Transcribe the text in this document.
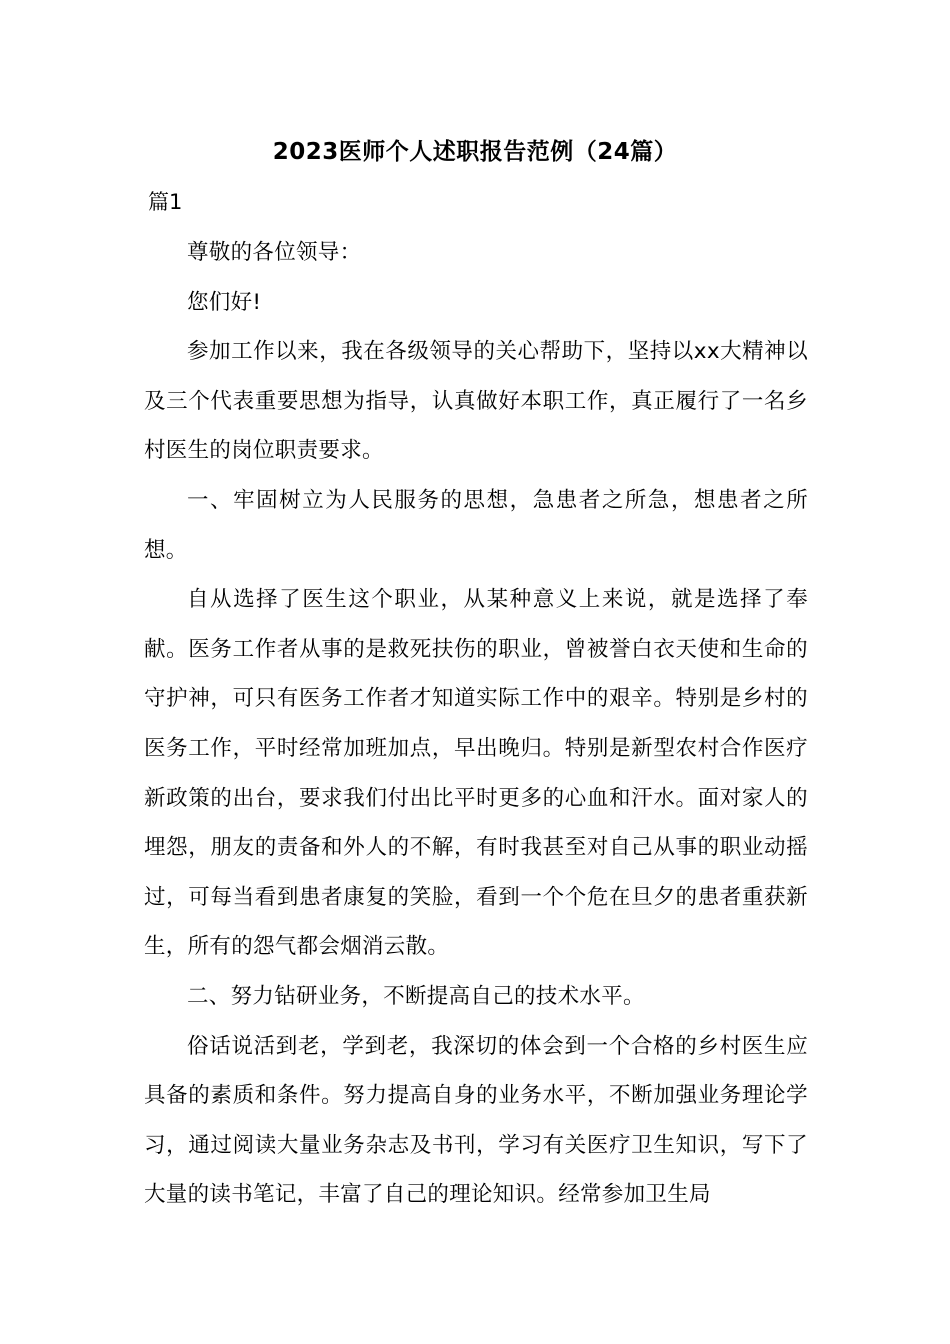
2023医师个人述职报告范例（24篇）
篇1

尊敬的各位领导：

您们好!

参加工作以来，我在各级领导的关心帮助下，坚持以xx大精神以及三个代表重要思想为指导，认真做好本职工作，真正履行了一名乡村医生的岗位职责要求。

一、牢固树立为人民服务的思想，急患者之所急，想患者之所想。

自从选择了医生这个职业，从某种意义上来说，就是选择了奉献。医务工作者从事的是救死扶伤的职业，曾被誉白衣天使和生命的守护神，可只有医务工作者才知道实际工作中的艰辛。特别是乡村的医务工作，平时经常加班加点，早出晚归。特别是新型农村合作医疗新政策的出台，要求我们付出比平时更多的心血和汗水。面对家人的埋怨，朋友的责备和外人的不解，有时我甚至对自己从事的职业动摇过，可每当看到患者康复的笑脸，看到一个个危在旦夕的患者重获新生，所有的怨气都会烟消云散。

二、努力钻研业务，不断提高自己的技术水平。

俗话说活到老，学到老，我深切的体会到一个合格的乡村医生应具备的素质和条件。努力提高自身的业务水平，不断加强业务理论学习，通过阅读大量业务杂志及书刊，学习有关医疗卫生知识，写下了大量的读书笔记，丰富了自己的理论知识。经常参加卫生局
